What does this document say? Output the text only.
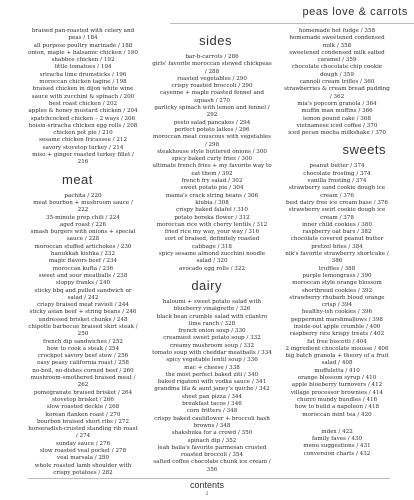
peas love & carrots
braised pan-roasted with celery and peas / 184
all purpose poultry marinade / 188
onion, maple + balsamic chicken / 190
shabbos chicken / 192
little tomatoes / 194
sriracha lime drumsticks / 196
moroccan chicken tagine / 198
braised chicken in dijon white wine sauce with zucchini & spinach / 200
best roast chicken / 202
apples & honey mustard chicken / 204
spatchcocked chicken – 2 ways / 206
hoisin-sriracha chicken egg rolls / 208
chicken pot pie / 210
sesame chicken fricassee / 212
savory stovetop turkey / 214
miso + ginger roasted turkey fillet / 216
meat
pachita / 220
meat bourbon + mushroom sauce / 222
35-minute prep chili / 224
aged roast / 226
smash burgers with onions + special sauce / 228
moroccan stuffed artichokes / 230
hanukkah kishka / 232
magic flavors beef / 234
moroccan kufta / 236
sweet and sour meatballs / 238
sloppy franks / 240
sticky bbq and pulled sandwich or salad / 242
crispy braised meat ravioli / 244
sticky asian beef + string beans / 246
undressed brisket chunks / 248
chipotle barbecue braised skirt steak / 250
french dip sandwiches / 252
how to cook a steak / 254
crockpot savory beef stew / 256
easy peasy california roast / 258
no-boil, no-dishes corned beef / 260
mushroom-smothered braised meat / 262
pomegranate braised brisket / 264
stovetop brisket / 266
slow roasted deckle / 268
korean flanken roast / 270
bourbon braised short ribs / 272
horseradish-crusted standing rib roast / 274
sunday sauce / 276
slow roasted veal pocket / 278
veal marsala / 280
whole roasted lamb shoulder with crispy potatoes / 282
sides
bar-b-carrots / 286
girls' favorite moroccan stewed chickpeas / 288
roasted vegetables / 290
crispy roasted broccoli / 290
cayenne + maple roasted fennel and squash / 270
garlicky spinach with lemon and fennel / 292
pesto salad pancakes / 294
perfect potato latkes / 296
moroccan meat couscous with vegetables / 298
steakhouse style buttered onions / 300
spicy baked curly fries / 300
ultimate french fries + my favorite way to eat them / 302
french fry salad / 302
sweet potato pie / 304
mama's crack string beans / 306
kiubia / 308
crispy baked falafel / 310
potato boreka flower / 312
moroccan rice with cherry lentils / 312
fried rice my way, your way / 316
sort of braised, definitely roasted cabbage / 318
spicy sesame almond zucchini noodle salad / 320
avocado egg rolls / 322
dairy
haloumi + sweet potato salad with blueberry vinaigrette / 326
black bean crumble salad with cilantro lime ranch / 328
french onion soup / 330
creamiest sweet potato soup / 332
creamy mushroom soup / 332
tomato soup with cheddar meatballs / 334
spicy vegetable lentil soup / 336
mac + cheese / 338
the most perfect baked ziti / 340
baked rigatoni with vodka sauce / 341
grandma lila & aunt janey's quiche / 342
sheet pan pizza / 344
breakfast tacos / 346
corn fritters / 348
crispy baked cauliflower + broccoli hash browns / 348
shakshuka for a crowd / 350
spinach dip / 352
leah baila's favorite parmesan crusted roasted broccoli / 354
salted coffee chocolate chunk ice cream / 356
homemade hot fudge / 358
homemade sweetened condensed milk / 358
sweetened condensed milk salted caramel / 359
chocolate chocolate chip cookie dough / 359
cannoli cream trifles / 360
strawberries & cream bread pudding / 362
mia's popcorn granola / 364
muffin man muffins / 366
lemon pound cake / 368
vietnamese iced coffee / 370
iced pecan mocha milkshake / 370
sweets
peanut butter / 374
chocolate frosting / 374
vanilla frosting / 374
strawberry sand cookie dough ice cream / 376
best dairy free ice cream base / 376
strawberry swirl cookie dough ice cream / 378
inner child cookies / 380
raspberry oat bars / 382
chocolate covered peanut butter pretzel bites / 384
nik's favorite strawberry shortcake / 386
truffles / 388
purple lemongrass / 390
moroccan style orange blossom shortbread cookies / 392
strawberry rhubarb blood orange crisp / 394
healthy-ish cookies / 396
peppermint marshmallows / 398
inside-out apple crumble / 400
raspberry rice krispy treats / 402
fat free biscotti / 404
2 ingredient chocolate mousse / 406
big batch granola + theory of a fruit salad / 408
muffuletta / 410
orange blossom syrup / 410
apple blueberry turnovers / 412
village processor brownies / 414
churro mundy bundles / 416
how to build a napoleon / 418
moroccan mint tea / 420
index / 422
family faves / 430
menu suggestions / 431
conversion charts / 432
contents
2
